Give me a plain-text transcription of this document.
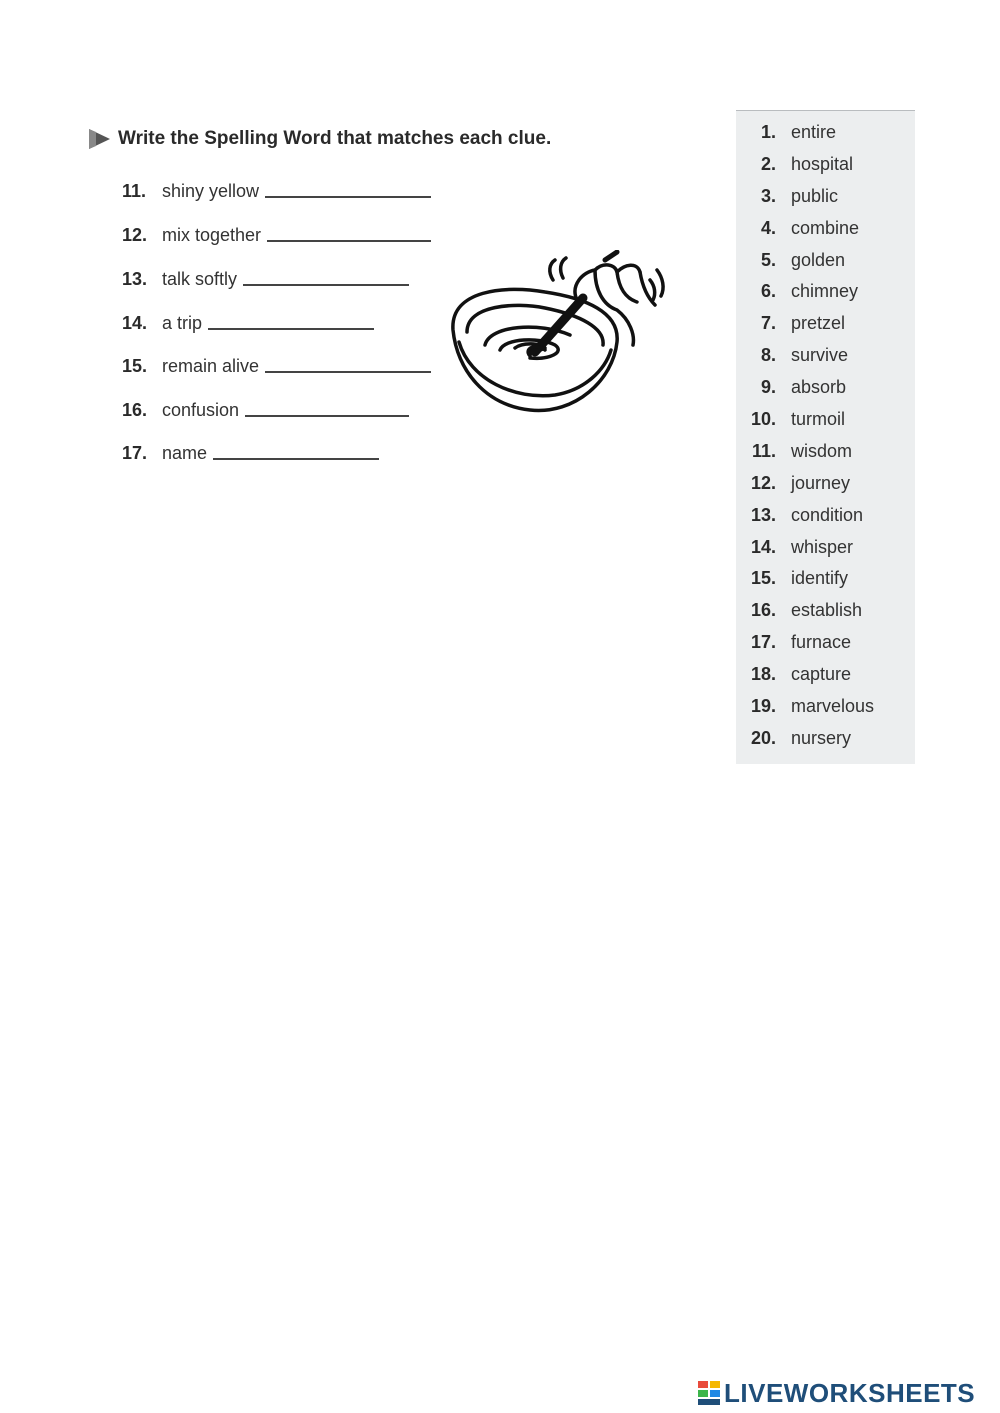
Write the Spelling Word that matches each clue.
11. shiny yellow
12. mix together
13. talk softly
14. a trip
15. remain alive
16. confusion
17. name
1. entire
2. hospital
3. public
4. combine
5. golden
6. chimney
7. pretzel
8. survive
9. absorb
10. turmoil
11. wisdom
12. journey
13. condition
14. whisper
15. identify
16. establish
17. furnace
18. capture
19. marvelous
20. nursery
LIVEWORKSHEETS
